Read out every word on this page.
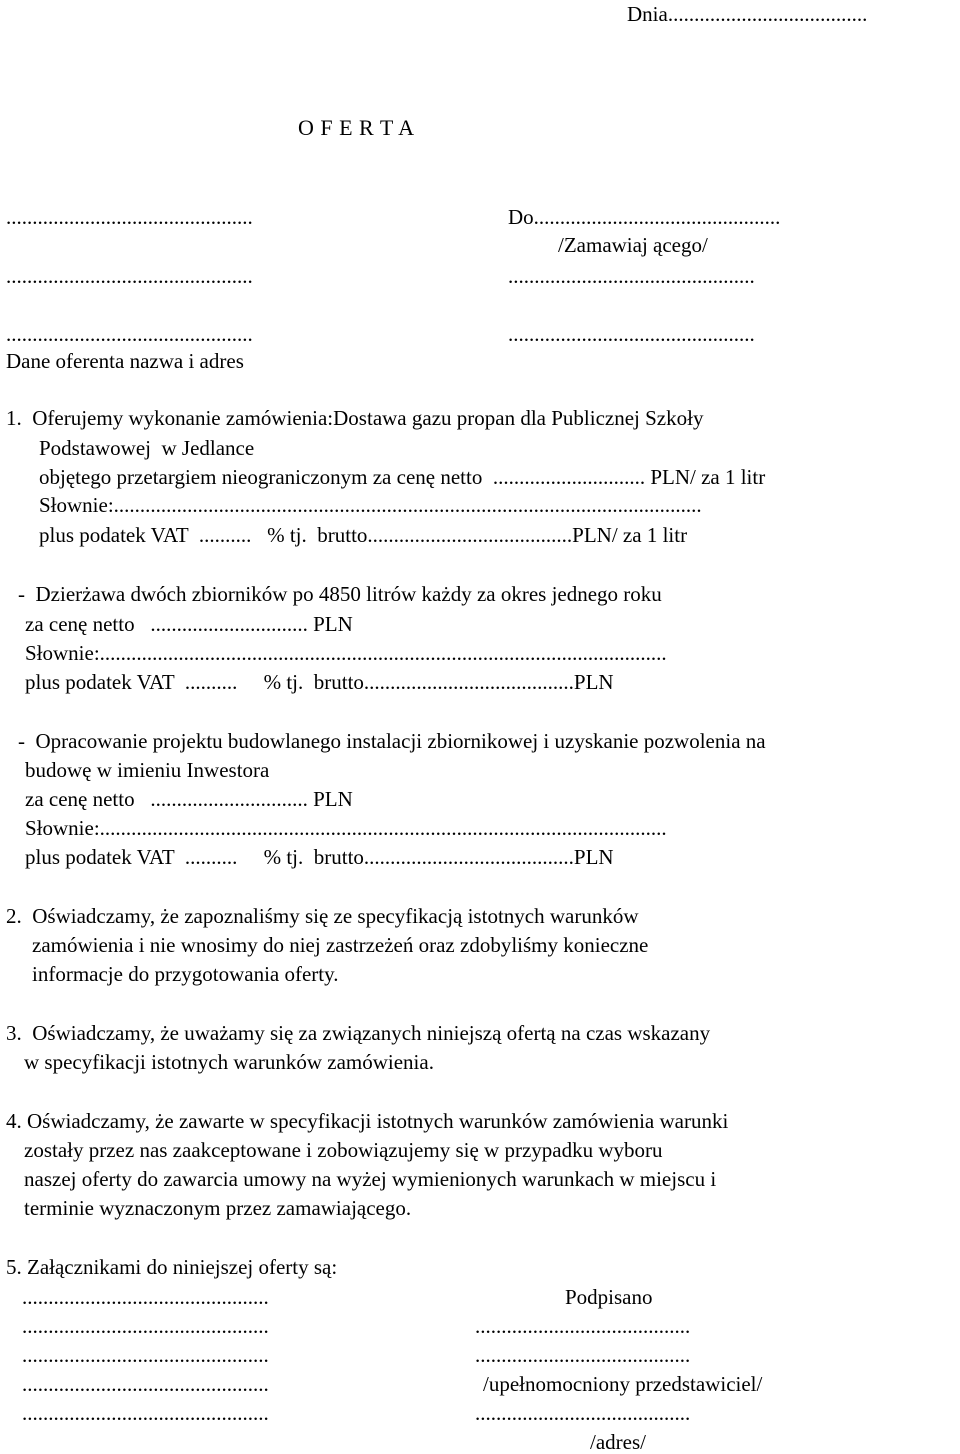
Dnia......................................
O F E R T A
...............................................
...............................................
...............................................
Dane oferenta nazwa i adres
Do...............................................
/Zamawiaj ącego/
...............................................
...............................................
1.  Oferujemy wykonanie zamówienia:Dostawa gazu propan dla Publicznej Szkoły
Podstawowej  w Jedlance
objętego przetargiem nieograniczonym za cenę netto  ............................. PLN/ za 1 litr
Słownie:................................................................................................................
plus podatek VAT  ..........   % tj.  brutto.......................................PLN/ za 1 litr
-  Dzierżawa dwóch zbiorników po 4850 litrów każdy za okres jednego roku
za cenę netto   .............................. PLN
Słownie:............................................................................................................
plus podatek VAT  ..........     % tj.  brutto........................................PLN
-  Opracowanie projektu budowlanego instalacji zbiornikowej i uzyskanie pozwolenia na
budowę w imieniu Inwestora
za cenę netto   .............................. PLN
Słownie:............................................................................................................
plus podatek VAT  ..........     % tj.  brutto........................................PLN
2.  Oświadczamy, że zapoznaliśmy się ze specyfikacją istotnych warunków
zamówienia i nie wnosimy do niej zastrzeżeń oraz zdobyliśmy konieczne
informacje do przygotowania oferty.
3.  Oświadczamy, że uważamy się za związanych niniejszą ofertą na czas wskazany
w specyfikacji istotnych warunków zamówienia.
4. Oświadczamy, że zawarte w specyfikacji istotnych warunków zamówienia warunki
zostały przez nas zaakceptowane i zobowiązujemy się w przypadku wyboru
naszej oferty do zawarcia umowy na wyżej wymienionych warunkach w miejscu i
terminie wyznaczonym przez zamawiającego.
5. Załącznikami do niniejszej oferty są:
...............................................
...............................................
...............................................
...............................................
...............................................
Podpisano
.........................................
.........................................
/upełnomocniony przedstawiciel/
.........................................
/adres/
